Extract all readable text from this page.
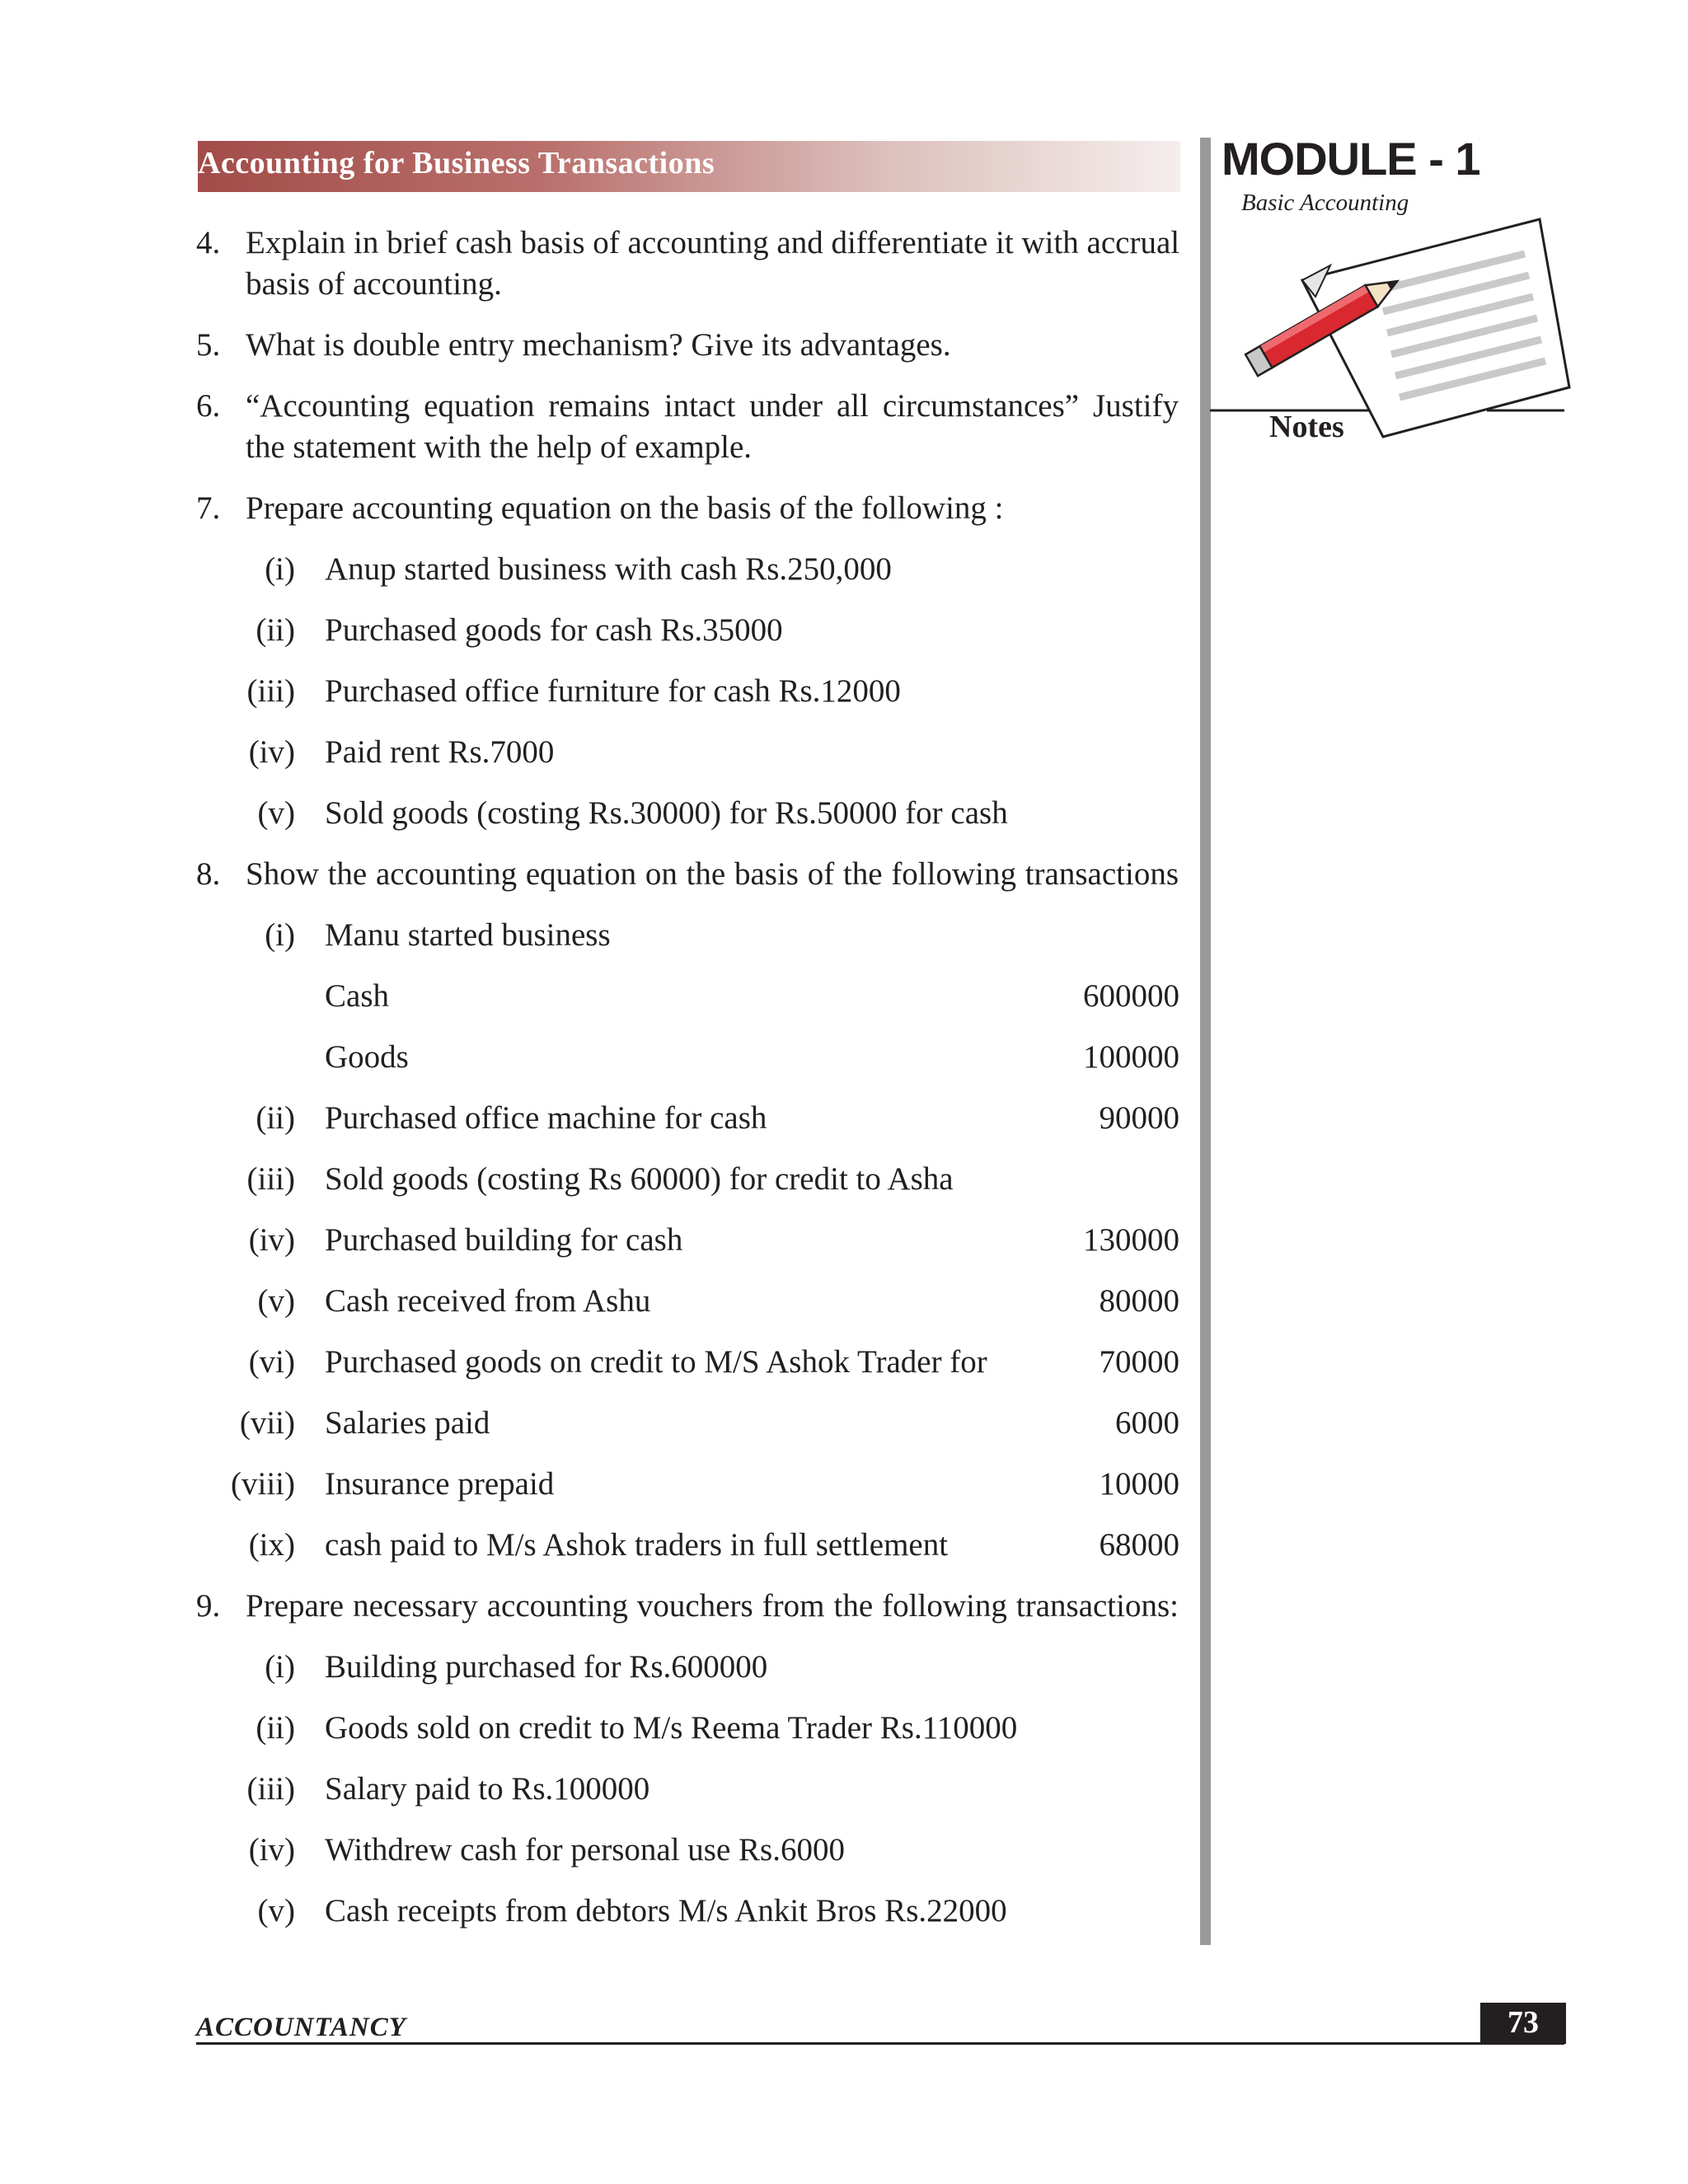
Accounting for Business Transactions	MODULE - 1
Basic Accounting
Notes
4. Explain in brief cash basis of accounting and differentiate it with accrual
basis of accounting.
5. What is double entry mechanism? Give its advantages.
6. “Accounting equation remains intact under all circumstances” Justify
the statement with the help of example.
7. Prepare accounting equation on the basis of the following :
(i) Anup started business with cash Rs.250,000
(ii) Purchased goods for cash Rs.35000
(iii) Purchased office furniture for cash Rs.12000
(iv) Paid rent Rs.7000
(v) Sold goods (costing Rs.30000) for Rs.50000 for cash
8. Show the accounting equation on the basis of the following transactions
(i) Manu started business
Cash	600000
Goods	100000
(ii) Purchased office machine for cash	90000
(iii) Sold goods (costing Rs 60000) for credit to Asha
(iv) Purchased building for cash	130000
(v) Cash received from Ashu	80000
(vi) Purchased goods on credit to M/S Ashok Trader for	70000
(vii) Salaries paid	6000
(viii) Insurance prepaid	10000
(ix) cash paid to M/s Ashok traders in full settlement	68000
9. Prepare necessary accounting vouchers from the following transactions:
(i) Building purchased for Rs.600000
(ii) Goods sold on credit to M/s Reema Trader Rs.110000
(iii) Salary paid to Rs.100000
(iv) Withdrew cash for personal use Rs.6000
(v) Cash receipts from debtors M/s Ankit Bros Rs.22000
ACCOUNTANCY	73
